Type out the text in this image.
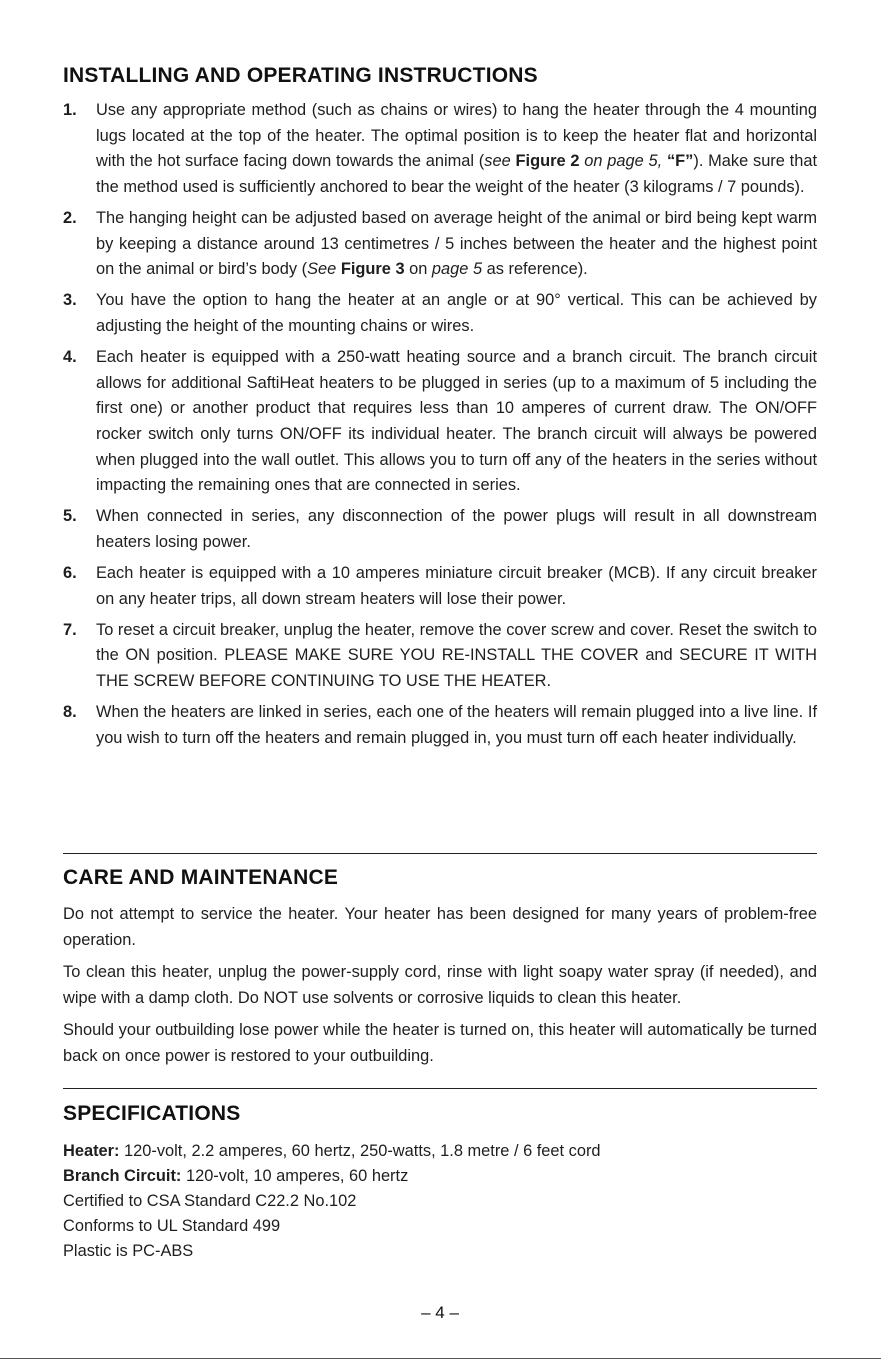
INSTALLING AND OPERATING INSTRUCTIONS
1. Use any appropriate method (such as chains or wires) to hang the heater through the 4 mounting lugs located at the top of the heater. The optimal position is to keep the heater flat and horizontal with the hot surface facing down towards the animal (see Figure 2 on page 5, “F”). Make sure that the method used is sufficiently anchored to bear the weight of the heater (3 kilograms / 7 pounds).
2. The hanging height can be adjusted based on average height of the animal or bird being kept warm by keeping a distance around 13 centimetres / 5 inches between the heater and the highest point on the animal or bird’s body (See Figure 3 on page 5 as reference).
3. You have the option to hang the heater at an angle or at 90° vertical. This can be achieved by adjusting the height of the mounting chains or wires.
4. Each heater is equipped with a 250-watt heating source and a branch circuit. The branch circuit allows for additional SaftiHeat heaters to be plugged in series (up to a maximum of 5 including the first one) or another product that requires less than 10 amperes of current draw. The ON/OFF rocker switch only turns ON/OFF its individual heater. The branch circuit will always be powered when plugged into the wall outlet. This allows you to turn off any of the heaters in the series without impacting the remaining ones that are connected in series.
5. When connected in series, any disconnection of the power plugs will result in all downstream heaters losing power.
6. Each heater is equipped with a 10 amperes miniature circuit breaker (MCB). If any circuit breaker on any heater trips, all down stream heaters will lose their power.
7. To reset a circuit breaker, unplug the heater, remove the cover screw and cover. Reset the switch to the ON position. PLEASE MAKE SURE YOU RE-INSTALL THE COVER and SECURE IT WITH THE SCREW BEFORE CONTINUING TO USE THE HEATER.
8. When the heaters are linked in series, each one of the heaters will remain plugged into a live line. If you wish to turn off the heaters and remain plugged in, you must turn off each heater individually.
CARE AND MAINTENANCE

Do not attempt to service the heater. Your heater has been designed for many years of problem-free operation.

To clean this heater, unplug the power-supply cord, rinse with light soapy water spray (if needed), and wipe with a damp cloth. Do NOT use solvents or corrosive liquids to clean this heater.

Should your outbuilding lose power while the heater is turned on, this heater will automatically be turned back on once power is restored to your outbuilding.

SPECIFICATIONS
Heater: 120-volt, 2.2 amperes, 60 hertz, 250-watts, 1.8 metre / 6 feet cord
Branch Circuit: 120-volt, 10 amperes, 60 hertz
Certified to CSA Standard C22.2 No.102
Conforms to UL Standard 499
Plastic is PC-ABS
– 4 –
